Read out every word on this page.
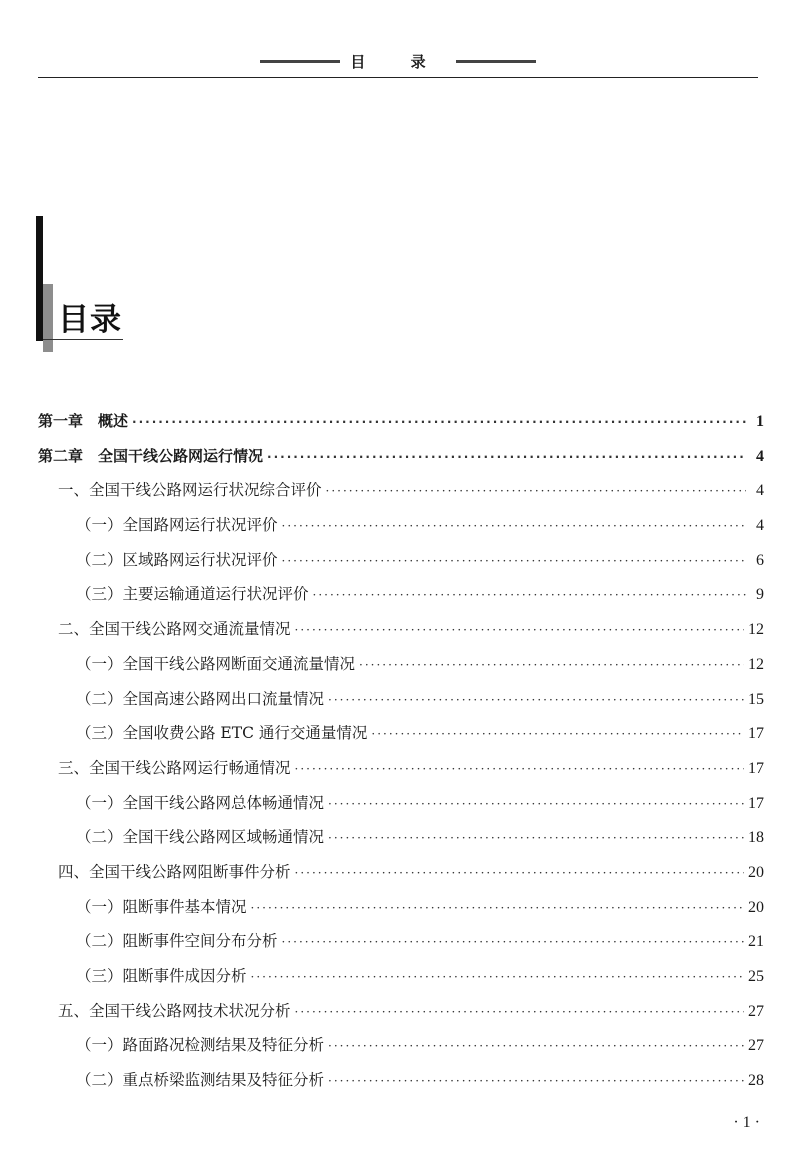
目 录
目录
第一章　概述 ·····	1
第二章　全国干线公路网运行情况 ·····	4
一、全国干线公路网运行状况综合评价 ·····	4
（一）全国路网运行状况评价 ·····	4
（二）区域路网运行状况评价 ·····	6
（三）主要运输通道运行状况评价 ·····	9
二、全国干线公路网交通流量情况 ·····	12
（一）全国干线公路网断面交通流量情况 ·····	12
（二）全国高速公路网出口流量情况 ·····	15
（三）全国收费公路 ETC 通行交通量情况 ·····	17
三、全国干线公路网运行畅通情况 ·····	17
（一）全国干线公路网总体畅通情况 ·····	17
（二）全国干线公路网区域畅通情况 ·····	18
四、全国干线公路网阻断事件分析 ·····	20
（一）阻断事件基本情况 ·····	20
（二）阻断事件空间分布分析 ·····	21
（三）阻断事件成因分析 ·····	25
五、全国干线公路网技术状况分析 ·····	27
（一）路面路况检测结果及特征分析 ·····	27
（二）重点桥梁监测结果及特征分析 ·····	28
· 1 ·
